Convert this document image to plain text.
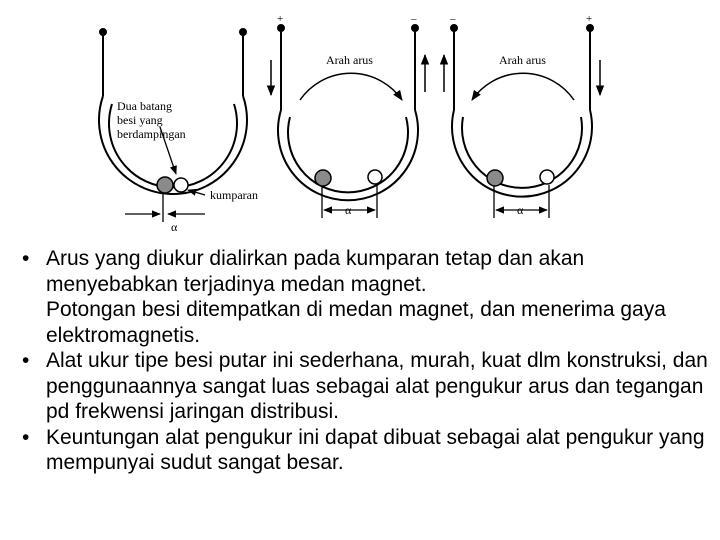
Dua batang
besi yang
berdampingan
kumparan
α
+	–
Arah arus
α
–	+
Arah arus
α
• Arus yang diukur dialirkan pada kumparan tetap dan akan menyebabkan terjadinya medan magnet.
Potongan besi ditempatkan di medan magnet, dan menerima gaya elektromagnetis.
• Alat ukur tipe besi putar ini sederhana, murah, kuat dlm konstruksi, dan penggunaannya sangat luas sebagai alat pengukur arus dan tegangan pd frekwensi jaringan distribusi.
• Keuntungan alat pengukur ini dapat dibuat sebagai alat pengukur yang mempunyai sudut sangat besar.
